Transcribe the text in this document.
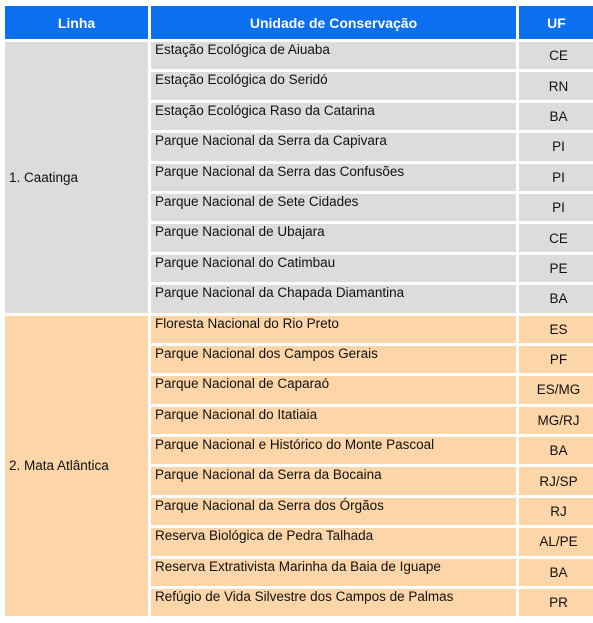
Linha	Unidade de Conservação	UF
1. Caatinga	Estação Ecológica de Aiuaba	CE
	Estação Ecológica do Seridó	RN
	Estação Ecológica Raso da Catarina	BA
	Parque Nacional da Serra da Capivara	PI
	Parque Nacional da Serra das Confusões	PI
	Parque Nacional de Sete Cidades	PI
	Parque Nacional de Ubajara	CE
	Parque Nacional do Catimbau	PE
	Parque Nacional da Chapada Diamantina	BA
2. Mata Atlântica	Floresta Nacional do Rio Preto	ES
	Parque Nacional dos Campos Gerais	PF
	Parque Nacional de Caparaó	ES/MG
	Parque Nacional do Itatiaia	MG/RJ
	Parque Nacional e Histórico do Monte Pascoal	BA
	Parque Nacional da Serra da Bocaina	RJ/SP
	Parque Nacional da Serra dos Órgãos	RJ
	Reserva Biológica de Pedra Talhada	AL/PE
	Reserva Extrativista Marinha da Baia de Iguape	BA
	Refúgio de Vida Silvestre dos Campos de Palmas	PR
